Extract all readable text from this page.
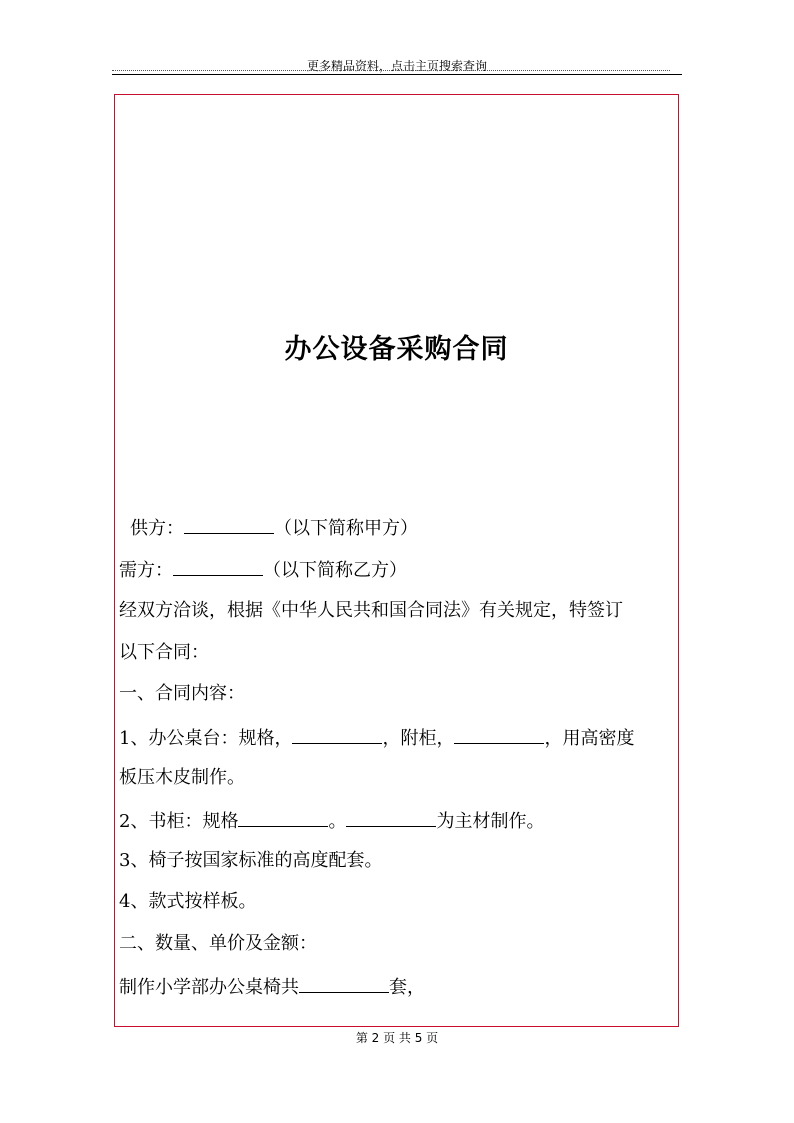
更多精品资料，点击主页搜索查询
办公设备采购合同
供方：	（以下简称甲方）
需方：	（以下简称乙方）
经双方洽谈，根据《中华人民共和国合同法》有关规定，特签订
以下合同：
一、合同内容：
1、办公桌台：规格，	，附柜，	，用高密度
板压木皮制作。
2、书柜：规格	。	为主材制作。
3、椅子按国家标准的高度配套。
4、款式按样板。
二、数量、单价及金额：
制作小学部办公桌椅共	套，
第 2 页 共 5 页
